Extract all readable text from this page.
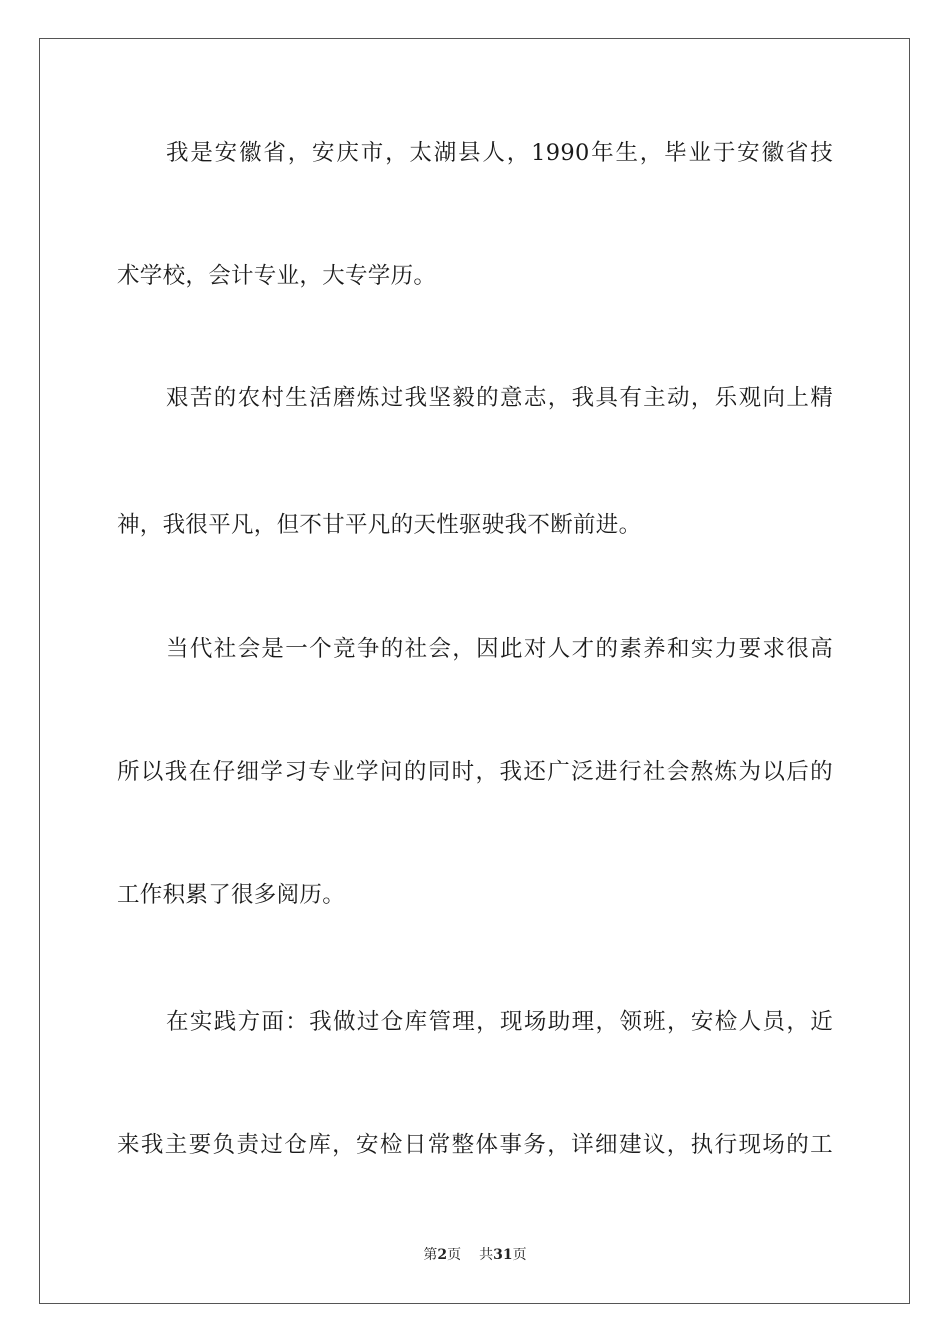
我是安徽省，安庆市，太湖县人，1990年生，毕业于安徽省技
术学校，会计专业，大专学历。
艰苦的农村生活磨炼过我坚毅的意志，我具有主动，乐观向上精
神，我很平凡，但不甘平凡的天性驱驶我不断前进。
当代社会是一个竞争的社会，因此对人才的素养和实力要求很高
所以我在仔细学习专业学问的同时，我还广泛进行社会熬炼为以后的
工作积累了很多阅历。
在实践方面：我做过仓库管理，现场助理，领班，安检人员，近
来我主要负责过仓库，安检日常整体事务，详细建议，执行现场的工
第2页 共31页
